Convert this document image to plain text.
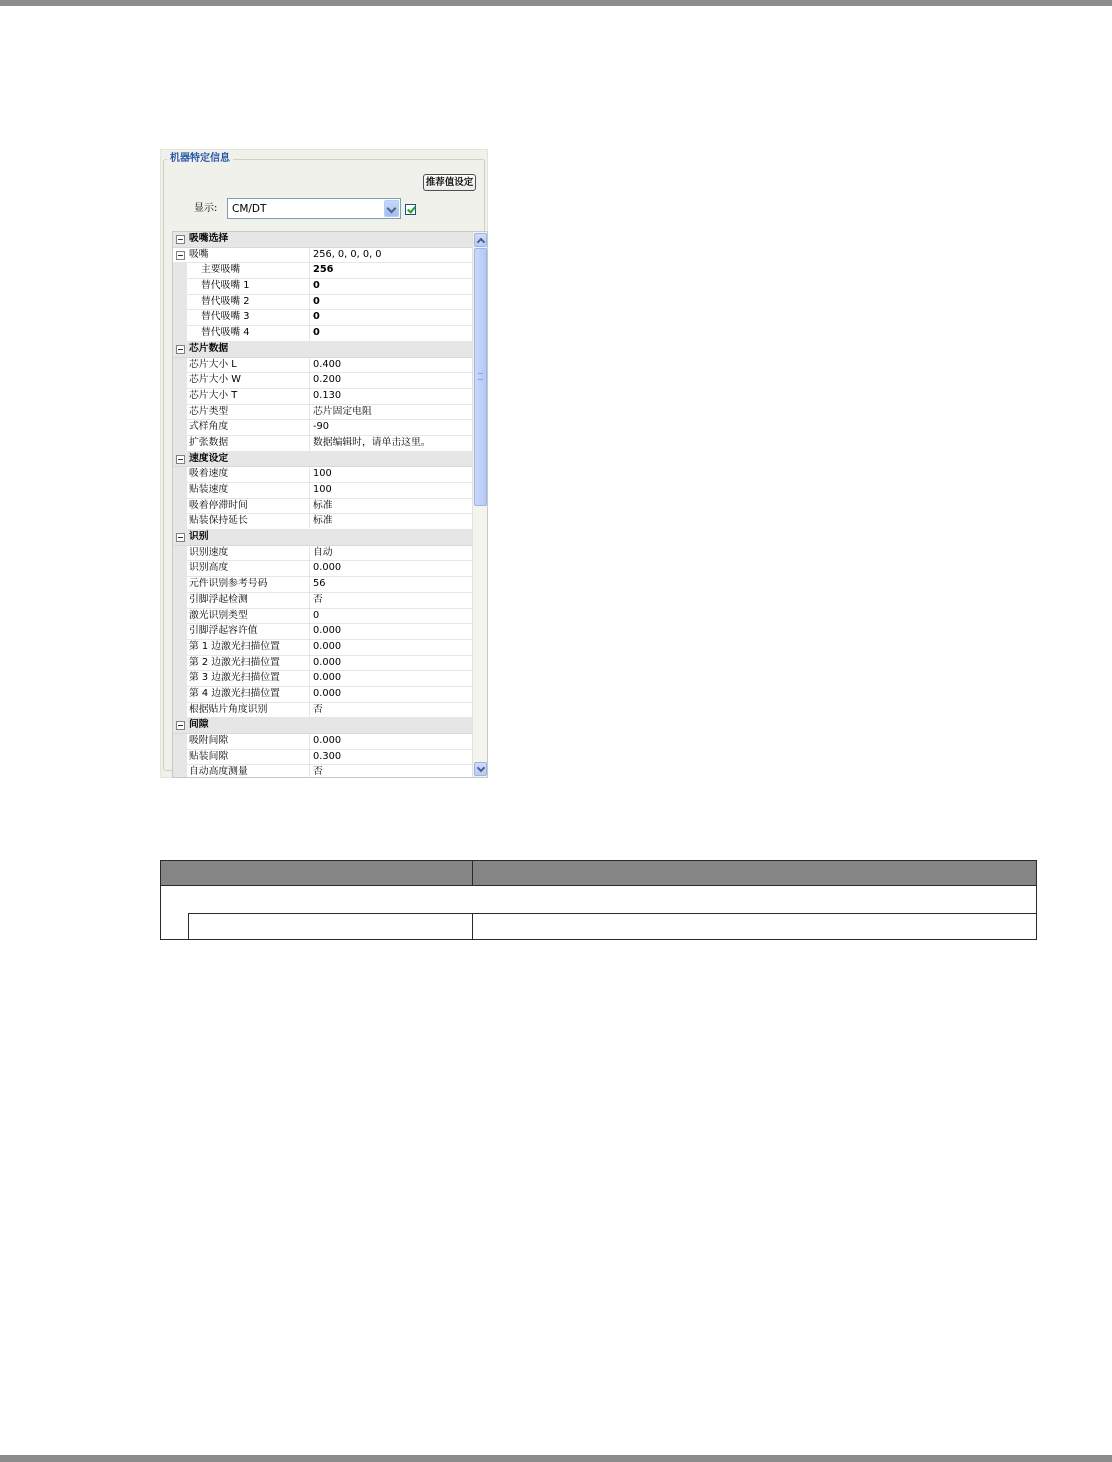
机器特定信息
推荐值设定
显示: CM/DT
吸嘴选择
吸嘴	256, 0, 0, 0, 0
主要吸嘴	256
替代吸嘴 1	0
替代吸嘴 2	0
替代吸嘴 3	0
替代吸嘴 4	0
芯片数据
芯片大小 L	0.400
芯片大小 W	0.200
芯片大小 T	0.130
芯片类型	芯片固定电阻
式样角度	-90
扩张数据	数据编辑时，请单击这里。
速度设定
吸着速度	100
贴装速度	100
吸着停滞时间	标准
贴装保持延长	标准
识别
识别速度	自动
识别高度	0.000
元件识别参考号码	56
引脚浮起检测	否
激光识别类型	0
引脚浮起容许值	0.000
第 1 边激光扫描位置	0.000
第 2 边激光扫描位置	0.000
第 3 边激光扫描位置	0.000
第 4 边激光扫描位置	0.000
根据贴片角度识别	否
间隙
吸附间隙	0.000
贴装间隙	0.300
自动高度测量	否
